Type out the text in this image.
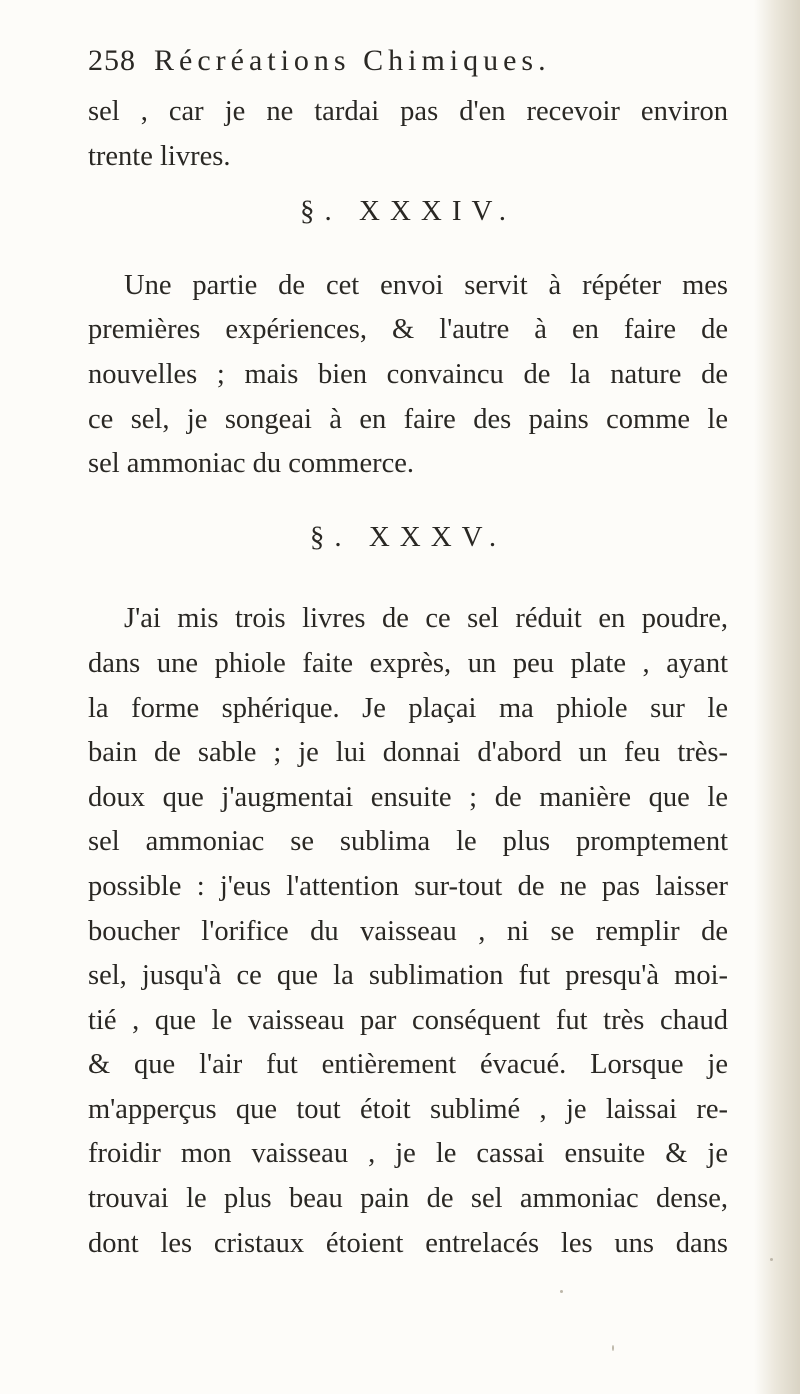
258 Récréations Chimiques.
sel , car je ne tardai pas d'en recevoir environ
trente livres.
§. XXXIV.
Une partie de cet envoi servit à répéter mes
premières expériences, & l'autre à en faire de
nouvelles ; mais bien convaincu de la nature de
ce sel, je songeai à en faire des pains comme le
sel ammoniac du commerce.
§. XXXV.
J'ai mis trois livres de ce sel réduit en poudre,
dans une phiole faite exprès, un peu plate , ayant
la forme sphérique. Je plaçai ma phiole sur le
bain de sable ; je lui donnai d'abord un feu très-
doux que j'augmentai ensuite ; de manière que le
sel ammoniac se sublima le plus promptement
possible : j'eus l'attention sur-tout de ne pas laisser
boucher l'orifice du vaisseau , ni se remplir de
sel, jusqu'à ce que la sublimation fut presqu'à moi-
tié , que le vaisseau par conséquent fut très chaud
& que l'air fut entièrement évacué. Lorsque je
m'apperçus que tout étoit sublimé , je laissai re-
froidir mon vaisseau , je le cassai ensuite & je
trouvai le plus beau pain de sel ammoniac dense,
dont les cristaux étoient entrelacés les uns dans
